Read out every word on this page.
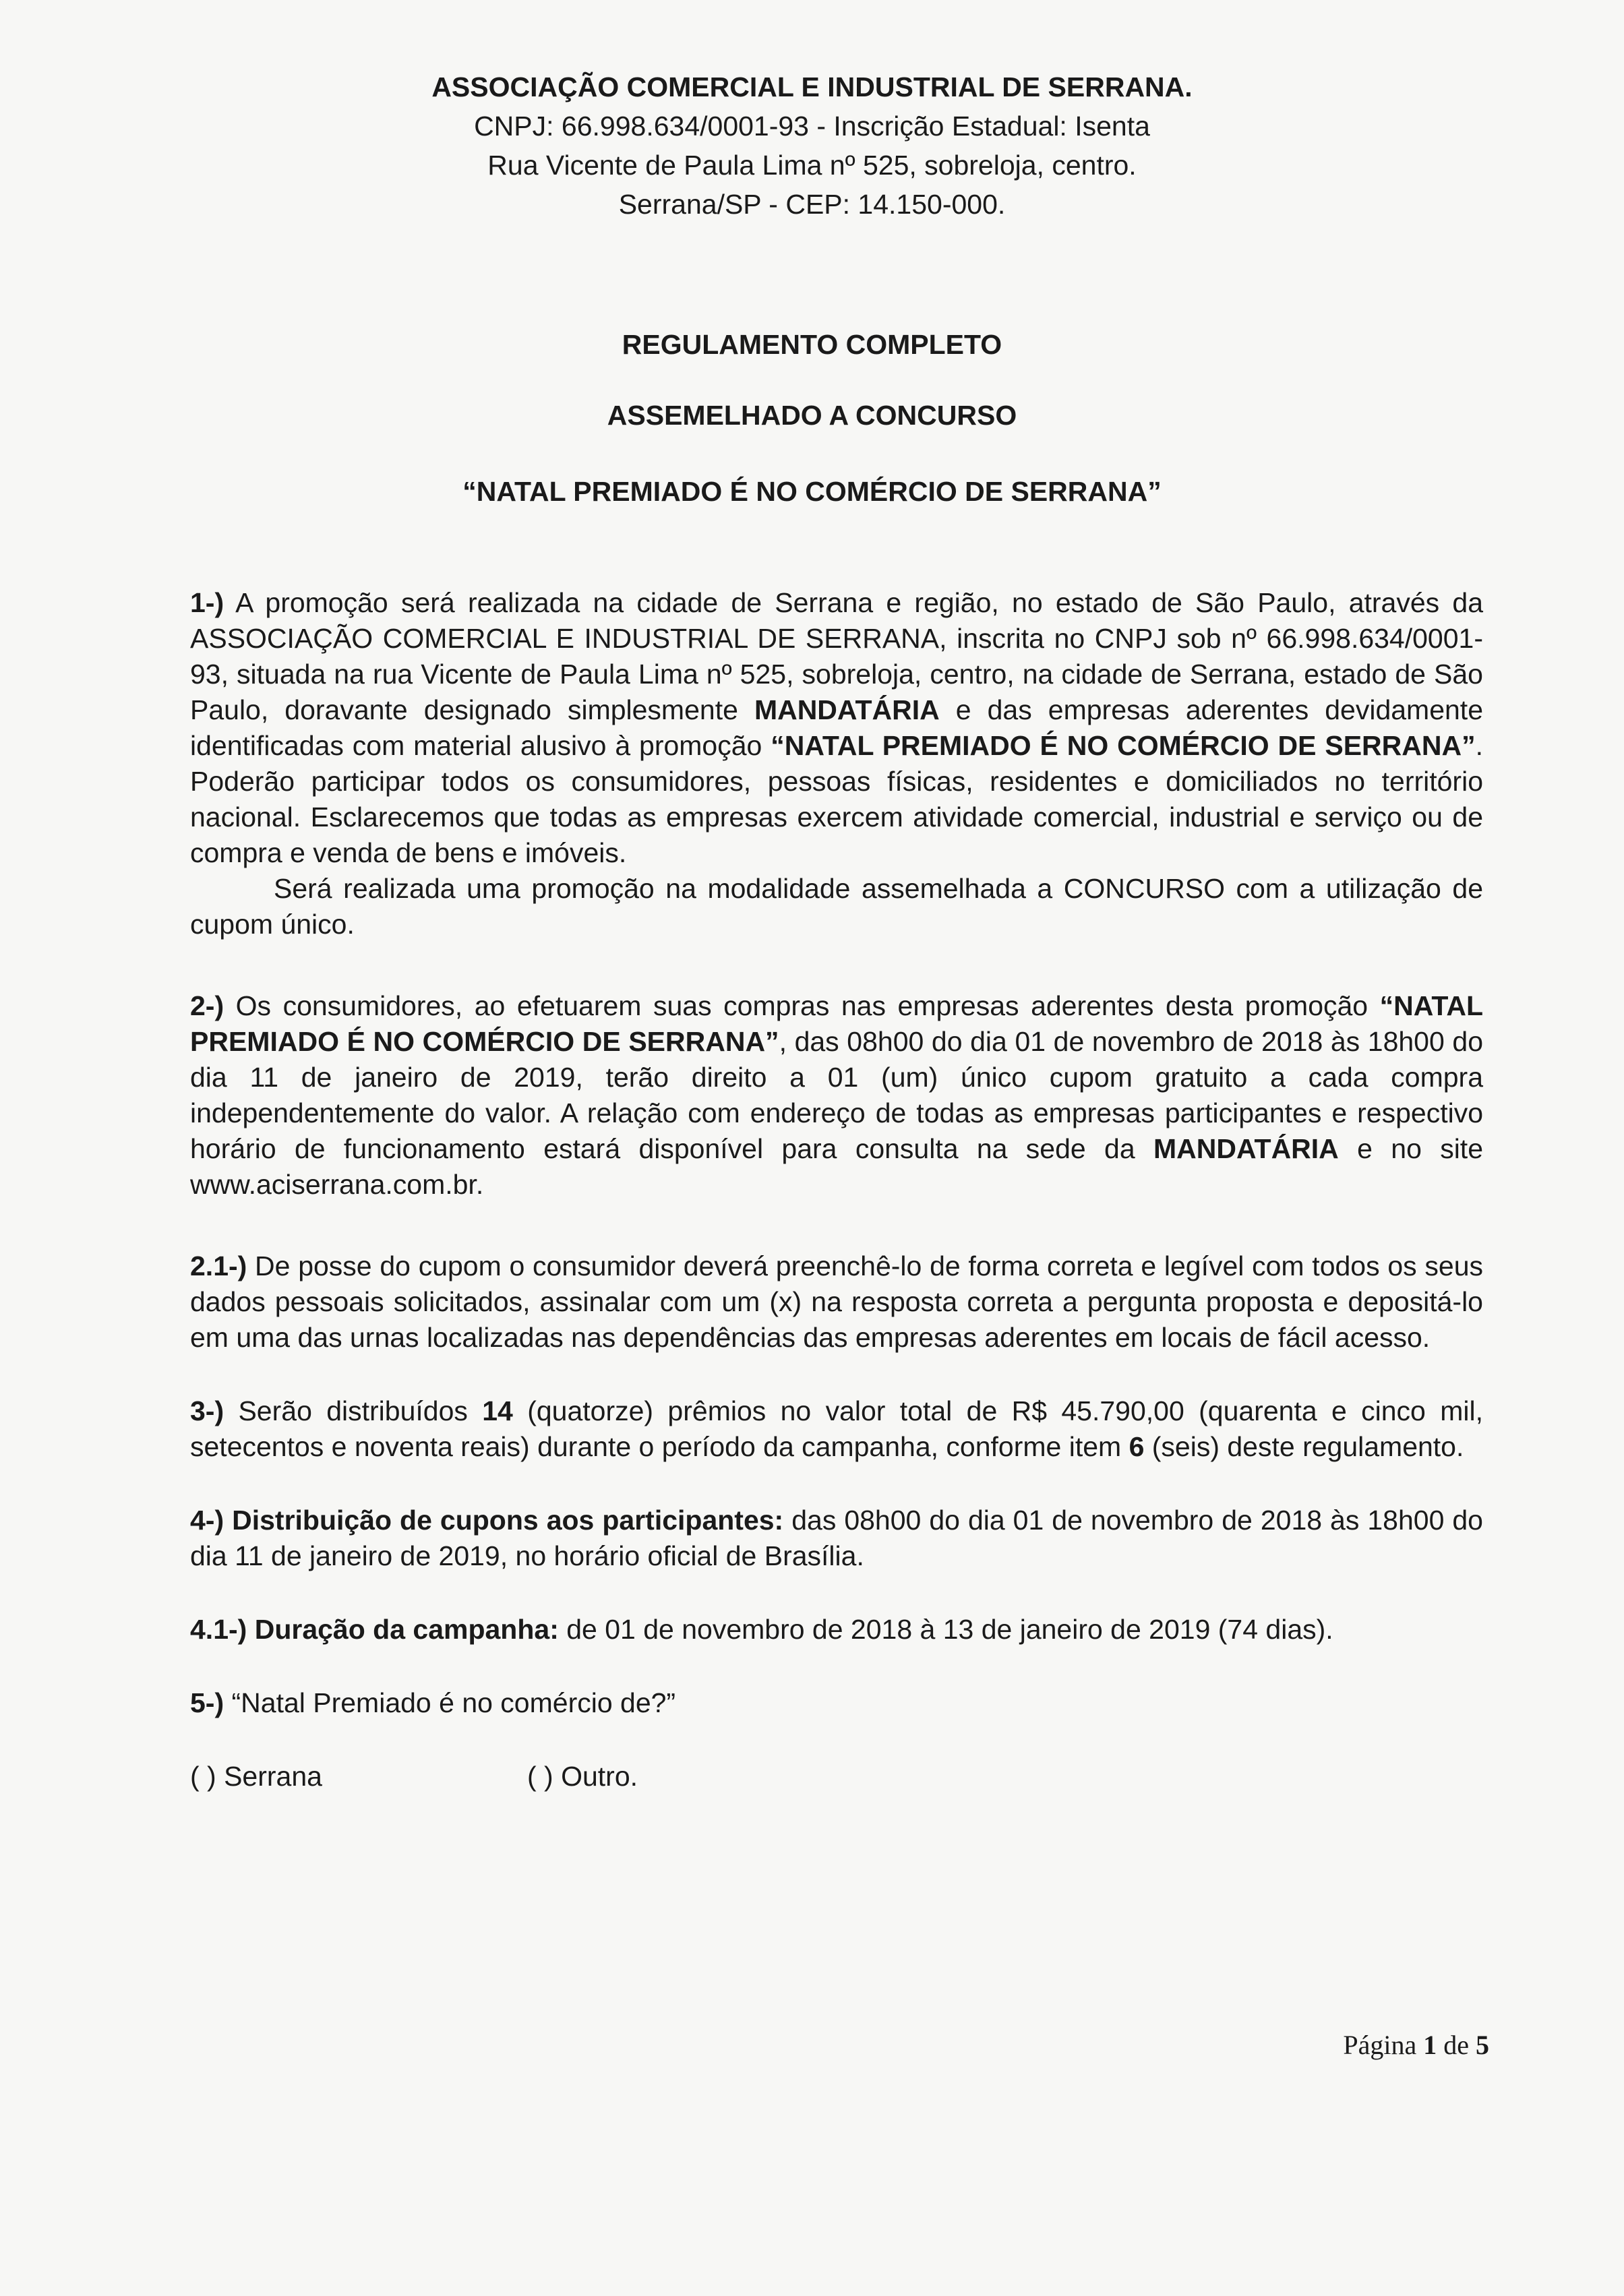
ASSOCIAÇÃO COMERCIAL E INDUSTRIAL DE SERRANA.

CNPJ: 66.998.634/0001-93 - Inscrição Estadual: Isenta

Rua Vicente de Paula Lima nº 525, sobreloja, centro.

Serrana/SP - CEP: 14.150-000.

REGULAMENTO COMPLETO

ASSEMELHADO A CONCURSO

“NATAL PREMIADO É NO COMÉRCIO DE SERRANA”

1-) A promoção será realizada na cidade de Serrana e região, no estado de São Paulo, através da ASSOCIAÇÃO COMERCIAL E INDUSTRIAL DE SERRANA, inscrita no CNPJ sob nº 66.998.634/0001-93, situada na rua Vicente de Paula Lima nº 525, sobreloja, centro, na cidade de Serrana, estado de São Paulo, doravante designado simplesmente MANDATÁRIA e das empresas aderentes devidamente identificadas com material alusivo à promoção “NATAL PREMIADO É NO COMÉRCIO DE SERRANA”. Poderão participar todos os consumidores, pessoas físicas, residentes e domiciliados no território nacional. Esclarecemos que todas as empresas exercem atividade comercial, industrial e serviço ou de compra e venda de bens e imóveis.

Será realizada uma promoção na modalidade assemelhada a CONCURSO com a utilização de cupom único.

2-) Os consumidores, ao efetuarem suas compras nas empresas aderentes desta promoção “NATAL PREMIADO É NO COMÉRCIO DE SERRANA”, das 08h00 do dia 01 de novembro de 2018 às 18h00 do dia 11 de janeiro de 2019, terão direito a 01 (um) único cupom gratuito a cada compra independentemente do valor. A relação com endereço de todas as empresas participantes e respectivo horário de funcionamento estará disponível para consulta na sede da MANDATÁRIA e no site www.aciserrana.com.br.

2.1-) De posse do cupom o consumidor deverá preenchê-lo de forma correta e legível com todos os seus dados pessoais solicitados, assinalar com um (x) na resposta correta a pergunta proposta e depositá-lo em uma das urnas localizadas nas dependências das empresas aderentes em locais de fácil acesso.

3-) Serão distribuídos 14 (quatorze) prêmios no valor total de R$ 45.790,00 (quarenta e cinco mil, setecentos e noventa reais) durante o período da campanha, conforme item 6 (seis) deste regulamento.

4-) Distribuição de cupons aos participantes: das 08h00 do dia 01 de novembro de 2018 às 18h00 do dia 11 de janeiro de 2019, no horário oficial de Brasília.

4.1-) Duração da campanha: de 01 de novembro de 2018 à 13 de janeiro de 2019 (74 dias).

5-) “Natal Premiado é no comércio de?”

( ) Serrana	( ) Outro.
Página 1 de 5
